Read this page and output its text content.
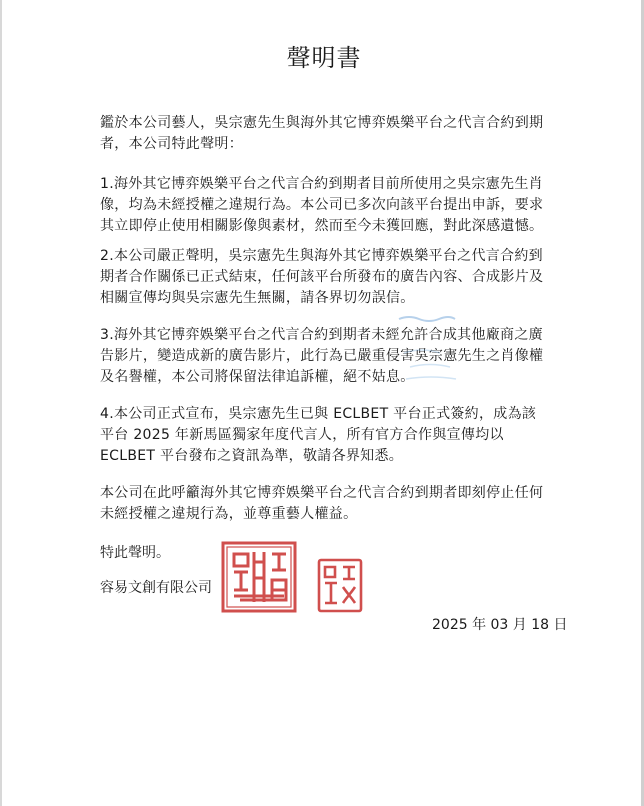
聲明書

鑑於本公司藝人，吳宗憲先生與海外其它博弈娛樂平台之代言合約到期者，本公司特此聲明：

1.海外其它博弈娛樂平台之代言合約到期者目前所使用之吳宗憲先生肖像，均為未經授權之違規行為。本公司已多次向該平台提出申訴，要求其立即停止使用相關影像與素材，然而至今未獲回應，對此深感遺憾。

2.本公司嚴正聲明，吳宗憲先生與海外其它博弈娛樂平台之代言合約到期者合作關係已正式結束，任何該平台所發布的廣告內容、合成影片及相關宣傳均與吳宗憲先生無關，請各界切勿誤信。

3.海外其它博弈娛樂平台之代言合約到期者未經允許合成其他廠商之廣告影片，變造成新的廣告影片，此行為已嚴重侵害吳宗憲先生之肖像權及名譽權，本公司將保留法律追訴權，絕不姑息。

4.本公司正式宣布，吳宗憲先生已與 ECLBET 平台正式簽約，成為該平台 2025 年新馬區獨家年度代言人，所有官方合作與宣傳均以 ECLBET 平台發布之資訊為準，敬請各界知悉。

本公司在此呼籲海外其它博弈娛樂平台之代言合約到期者即刻停止任何未經授權之違規行為，並尊重藝人權益。

特此聲明。

容易文創有限公司

2025 年 03 月 18 日
